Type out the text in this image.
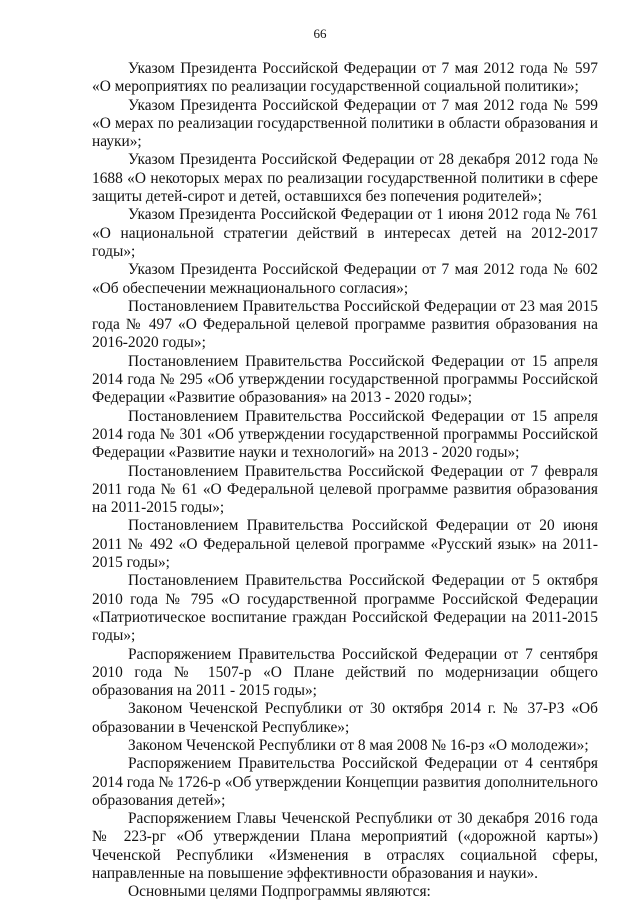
66

Указом Президента Российской Федерации от 7 мая 2012 года № 597 «О мероприятиях по реализации государственной социальной политики»;

Указом Президента Российской Федерации от 7 мая 2012 года № 599 «О мерах по реализации государственной политики в области образования и науки»;

Указом Президента Российской Федерации от 28 декабря 2012 года № 1688 «О некоторых мерах по реализации государственной политики в сфере защиты детей-сирот и детей, оставшихся без попечения родителей»;

Указом Президента Российской Федерации от 1 июня 2012 года № 761 «О национальной стратегии действий в интересах детей на 2012-2017 годы»;

Указом Президента Российской Федерации от 7 мая 2012 года № 602 «Об обеспечении межнационального согласия»;

Постановлением Правительства Российской Федерации от 23 мая 2015 года № 497 «О Федеральной целевой программе развития образования на 2016-2020 годы»;

Постановлением Правительства Российской Федерации от 15 апреля 2014 года № 295 «Об утверждении государственной программы Российской Федерации «Развитие образования» на 2013 - 2020 годы»;

Постановлением Правительства Российской Федерации от 15 апреля 2014 года № 301 «Об утверждении государственной программы Российской Федерации «Развитие науки и технологий» на 2013 - 2020 годы»;

Постановлением Правительства Российской Федерации от 7 февраля 2011 года № 61 «О Федеральной целевой программе развития образования на 2011-2015 годы»;

Постановлением Правительства Российской Федерации от 20 июня 2011 № 492 «О Федеральной целевой программе «Русский язык» на 2011-2015 годы»;

Постановлением Правительства Российской Федерации от 5 октября 2010 года № 795 «О государственной программе Российской Федерации «Патриотическое воспитание граждан Российской Федерации на 2011-2015 годы»;

Распоряжением Правительства Российской Федерации от 7 сентября 2010 года № 1507-р «О Плане действий по модернизации общего образования на 2011 - 2015 годы»;

Законом Чеченской Республики от 30 октября 2014 г. № 37-РЗ «Об образовании в Чеченской Республике»;

Законом Чеченской Республики от 8 мая 2008 № 16-рз «О молодежи»;

Распоряжением Правительства Российской Федерации от 4 сентября 2014 года № 1726-р «Об утверждении Концепции развития дополнительного образования детей»;

Распоряжением Главы Чеченской Республики от 30 декабря 2016 года № 223-рг «Об утверждении Плана мероприятий («дорожной карты») Чеченской Республики «Изменения в отраслях социальной сферы, направленные на повышение эффективности образования и науки».

Основными целями Подпрограммы являются:
